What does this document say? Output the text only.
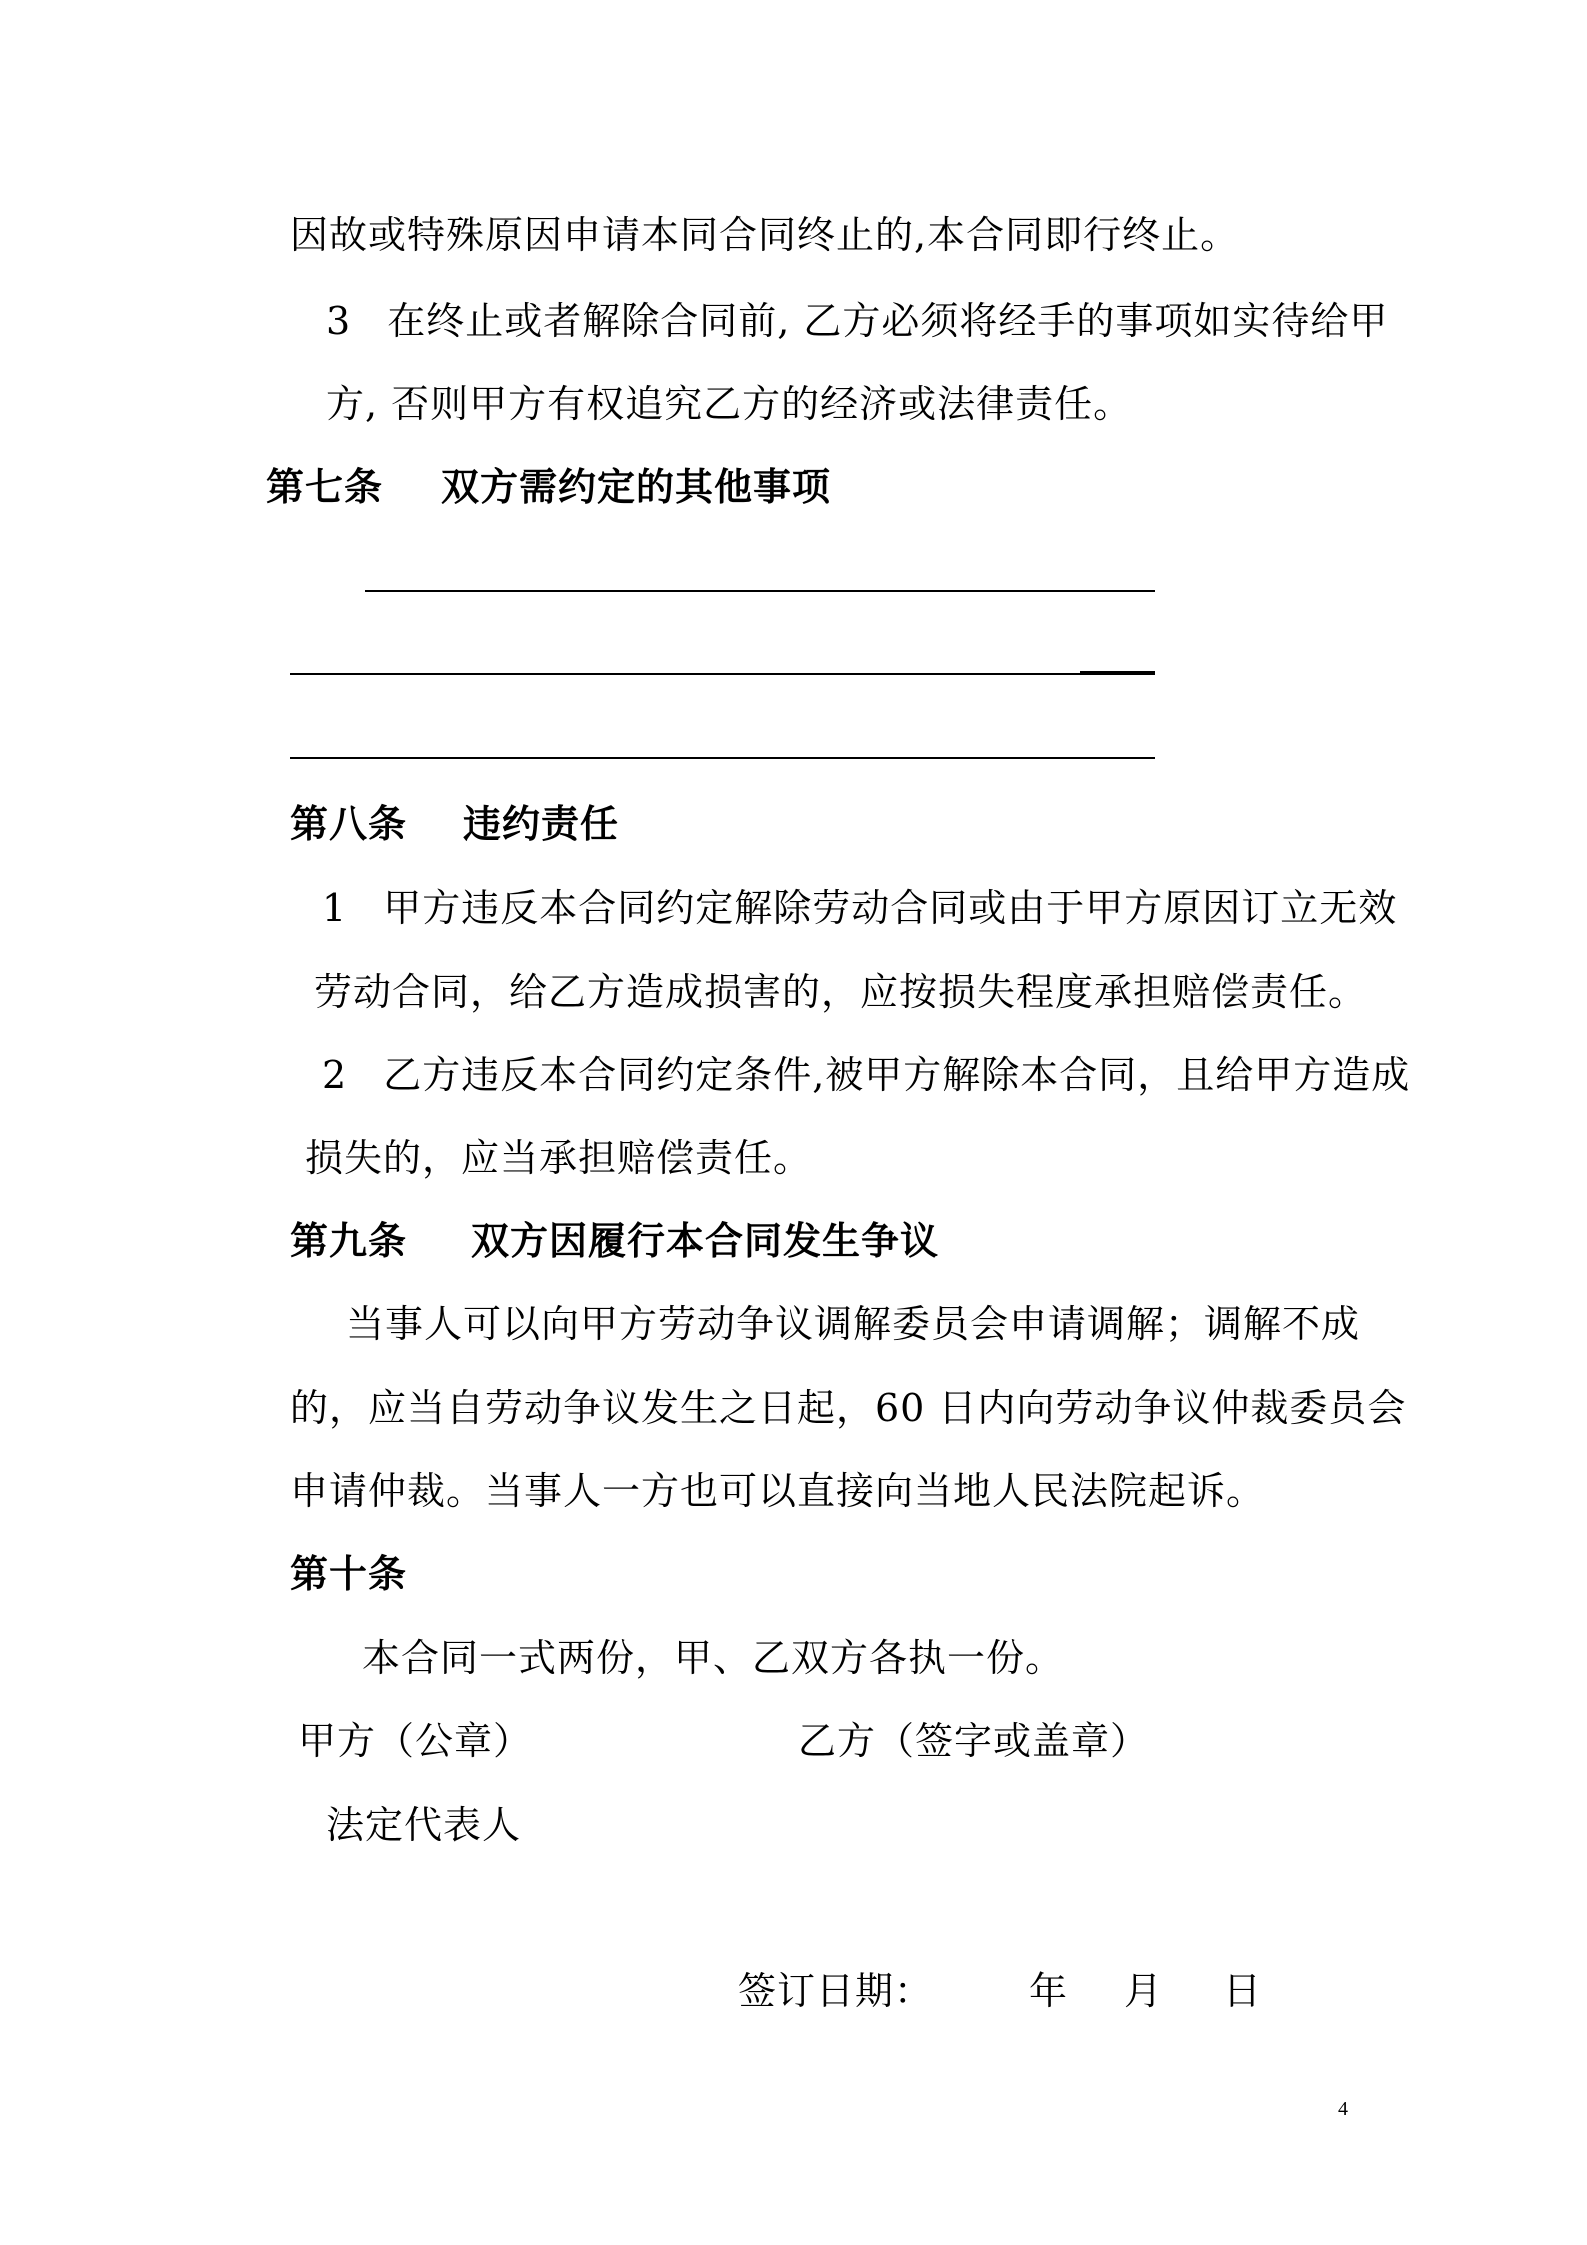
因故或特殊原因申请本同合同终止的,本合同即行终止。
3 在终止或者解除合同前, 乙方必须将经手的事项如实待给甲
方, 否则甲方有权追究乙方的经济或法律责任。
第七条 双方需约定的其他事项
第八条 违约责任
1 甲方违反本合同约定解除劳动合同或由于甲方原因订立无效
劳动合同，给乙方造成损害的，应按损失程度承担赔偿责任。
2 乙方违反本合同约定条件,被甲方解除本合同，且给甲方造成
损失的，应当承担赔偿责任。
第九条 双方因履行本合同发生争议
当事人可以向甲方劳动争议调解委员会申请调解；调解不成
的，应当自劳动争议发生之日起，60 日内向劳动争议仲裁委员会
申请仲裁。当事人一方也可以直接向当地人民法院起诉。
第十条
本合同一式两份，甲、乙双方各执一份。
甲方（公章）	乙方（签字或盖章）
法定代表人
签订日期：	年 月 日
4
